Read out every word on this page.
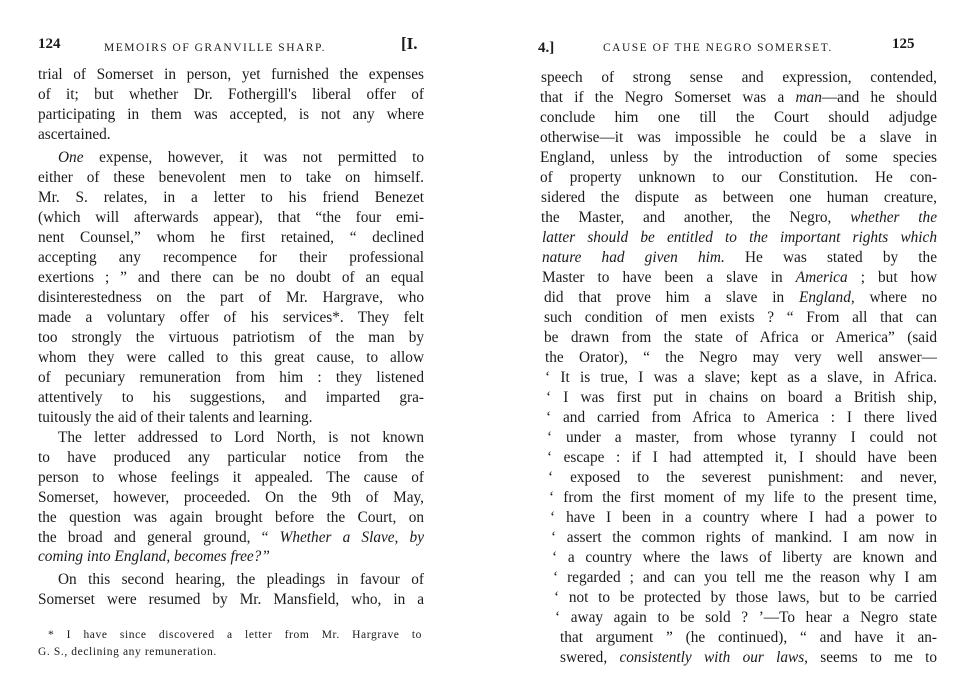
124	MEMOIRS OF GRANVILLE SHARP.	[I.
trial of Somerset in person, yet furnished the expenses
of it; but whether Dr. Fothergill's liberal offer of
participating in them was accepted, is not any where
ascertained.
One expense, however, it was not permitted to
either of these benevolent men to take on himself.
Mr. S. relates, in a letter to his friend Benezet
(which will afterwards appear), that “the four emi-
nent Counsel,” whom he first retained, “ declined
accepting any recompence for their professional
exertions ; ” and there can be no doubt of an equal
disinterestedness on the part of Mr. Hargrave, who
made a voluntary offer of his services*. They felt
too strongly the virtuous patriotism of the man by
whom they were called to this great cause, to allow
of pecuniary remuneration from him : they listened
attentively to his suggestions, and imparted gra-
tuitously the aid of their talents and learning.
The letter addressed to Lord North, is not known
to have produced any particular notice from the
person to whose feelings it appealed. The cause of
Somerset, however, proceeded. On the 9th of May,
the question was again brought before the Court, on
the broad and general ground, “ Whether a Slave, by
coming into England, becomes free?”
On this second hearing, the pleadings in favour of
Somerset were resumed by Mr. Mansfield, who, in a
* I have since discovered a letter from Mr. Hargrave to
G. S., declining any remuneration.
4.]	CAUSE OF THE NEGRO SOMERSET.	125
speech of strong sense and expression, contended,
that if the Negro Somerset was a man—and he should
conclude him one till the Court should adjudge
otherwise—it was impossible he could be a slave in
England, unless by the introduction of some species
of property unknown to our Constitution. He con-
sidered the dispute as between one human creature,
the Master, and another, the Negro, whether the
latter should be entitled to the important rights which
nature had given him. He was stated by the
Master to have been a slave in America ; but how
did that prove him a slave in England, where no
such condition of men exists ? “ From all that can
be drawn from the state of Africa or America” (said
the Orator), “ the Negro may very well answer—
‘ It is true, I was a slave; kept as a slave, in Africa.
‘ I was first put in chains on board a British ship,
‘ and carried from Africa to America : I there lived
‘ under a master, from whose tyranny I could not
‘ escape : if I had attempted it, I should have been
‘ exposed to the severest punishment: and never,
‘ from the first moment of my life to the present time,
‘ have I been in a country where I had a power to
‘ assert the common rights of mankind. I am now in
‘ a country where the laws of liberty are known and
‘ regarded ; and can you tell me the reason why I am
‘ not to be protected by those laws, but to be carried
‘ away again to be sold ? ’—To hear a Negro state
that argument ” (he continued), “ and have it an-
swered, consistently with our laws, seems to me to
